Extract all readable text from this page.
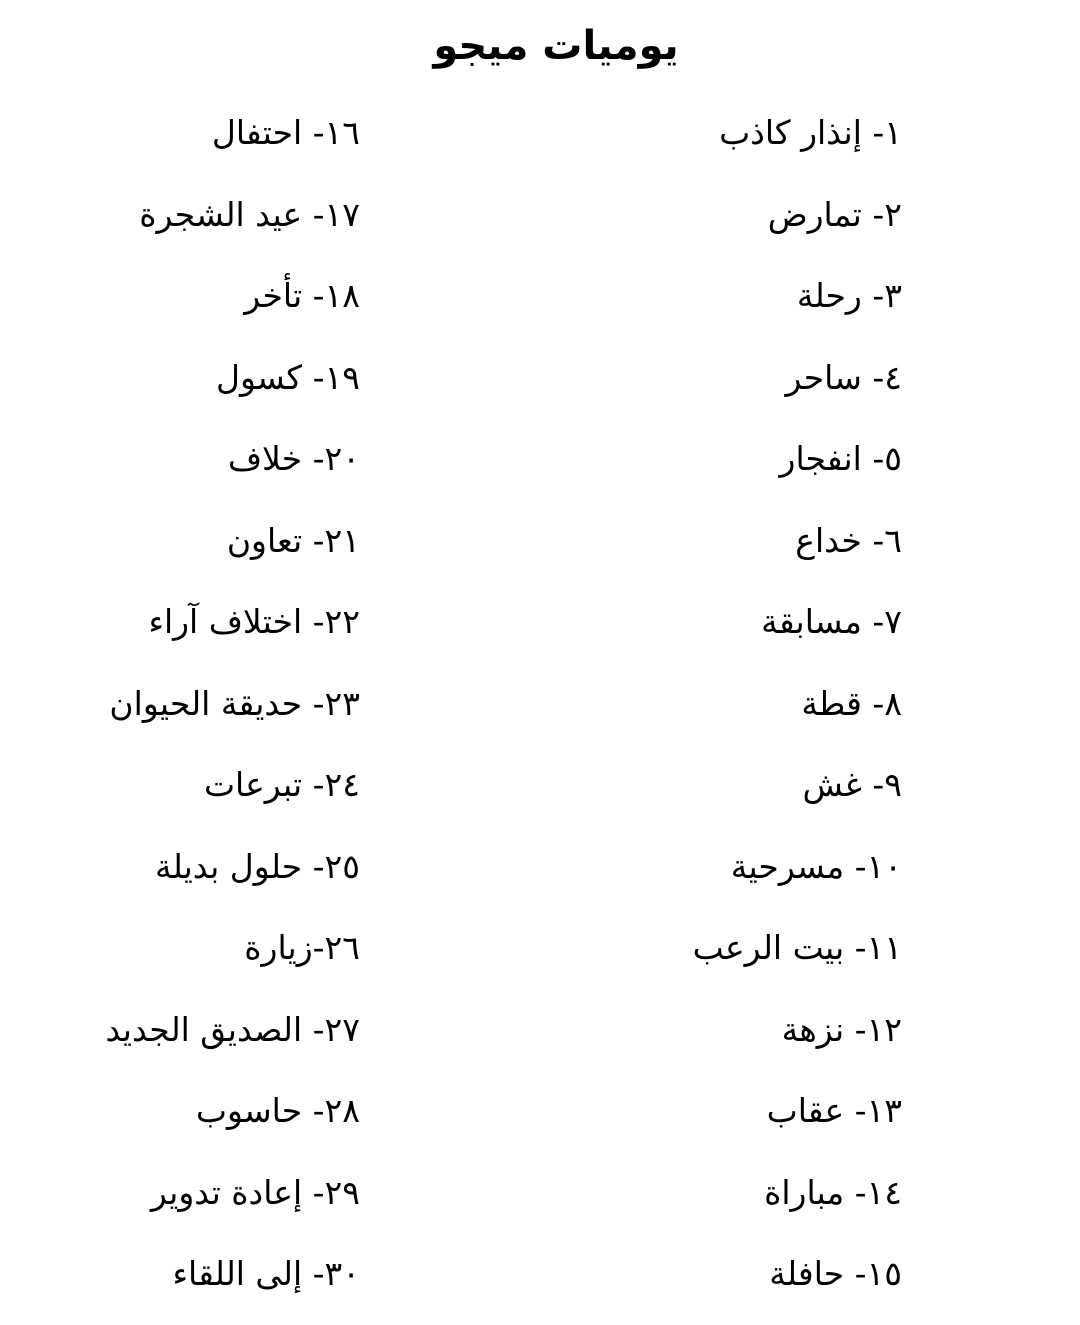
يوميات ميجو
١- إنذار كاذب
٢- تمارض
٣- رحلة
٤- ساحر
٥- انفجار
٦- خداع
٧- مسابقة
٨- قطة
٩- غش
١٠- مسرحية
١١- بيت الرعب
١٢- نزهة
١٣- عقاب
١٤- مباراة
١٥- حافلة
١٦- احتفال
١٧- عيد الشجرة
١٨- تأخر
١٩- كسول
٢٠- خلاف
٢١- تعاون
٢٢- اختلاف آراء
٢٣- حديقة الحيوان
٢٤- تبرعات
٢٥- حلول بديلة
٢٦-زيارة
٢٧- الصديق الجديد
٢٨- حاسوب
٢٩- إعادة تدوير
٣٠- إلى اللقاء
